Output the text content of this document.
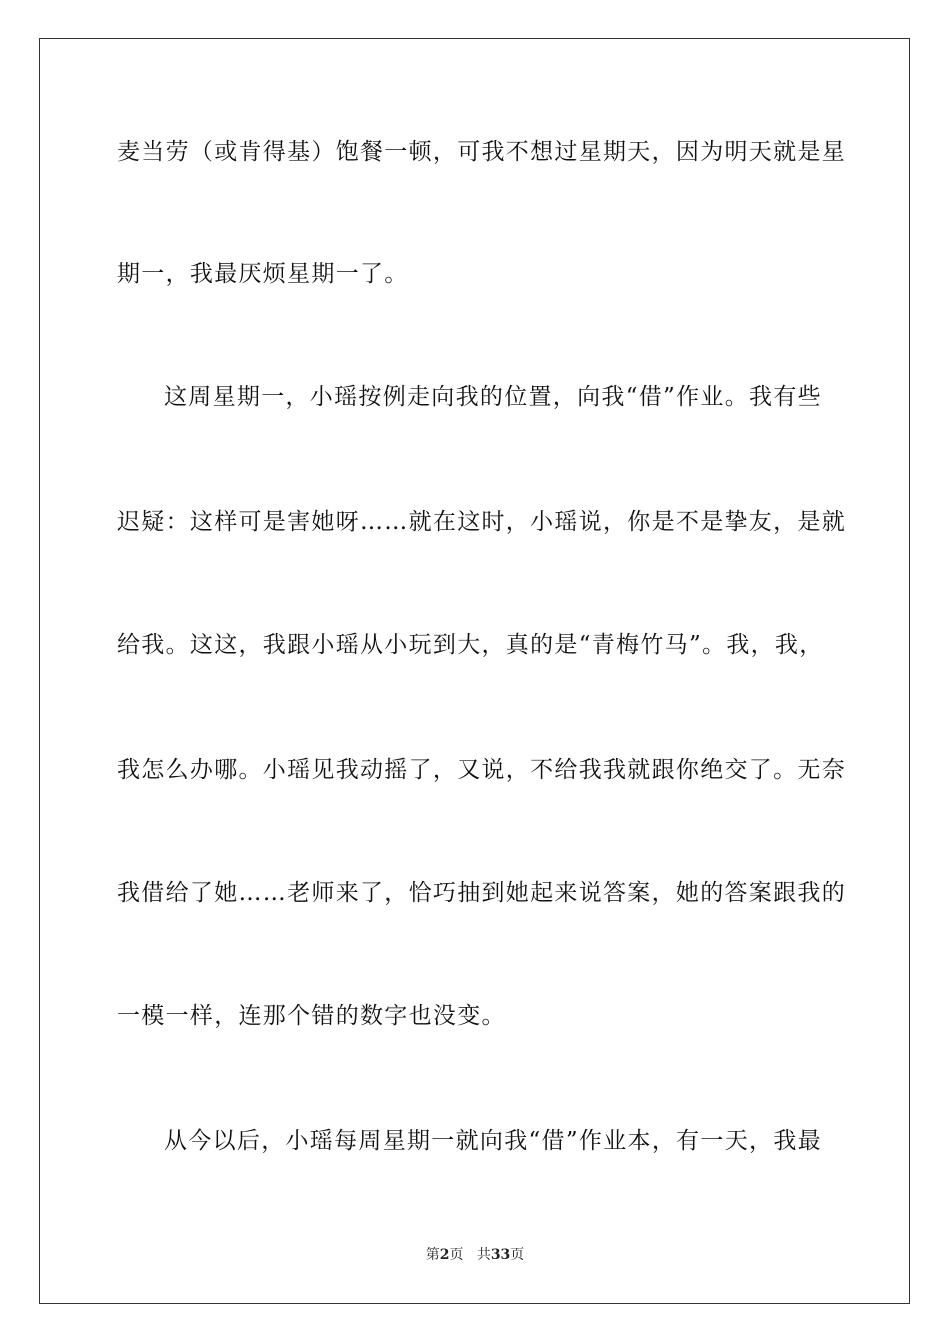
麦当劳（或肯得基）饱餐一顿，可我不想过星期天，因为明天就是星
期一，我最厌烦星期一了。
这周星期一，小瑶按例走向我的位置，向我“借”作业。我有些
迟疑：这样可是害她呀……就在这时，小瑶说，你是不是挚友，是就
给我。这这，我跟小瑶从小玩到大，真的是“青梅竹马”。我，我，
我怎么办哪。小瑶见我动摇了，又说，不给我我就跟你绝交了。无奈
我借给了她……老师来了，恰巧抽到她起来说答案，她的答案跟我的
一模一样，连那个错的数字也没变。
从今以后，小瑶每周星期一就向我“借”作业本，有一天，我最
第2页 共33页
